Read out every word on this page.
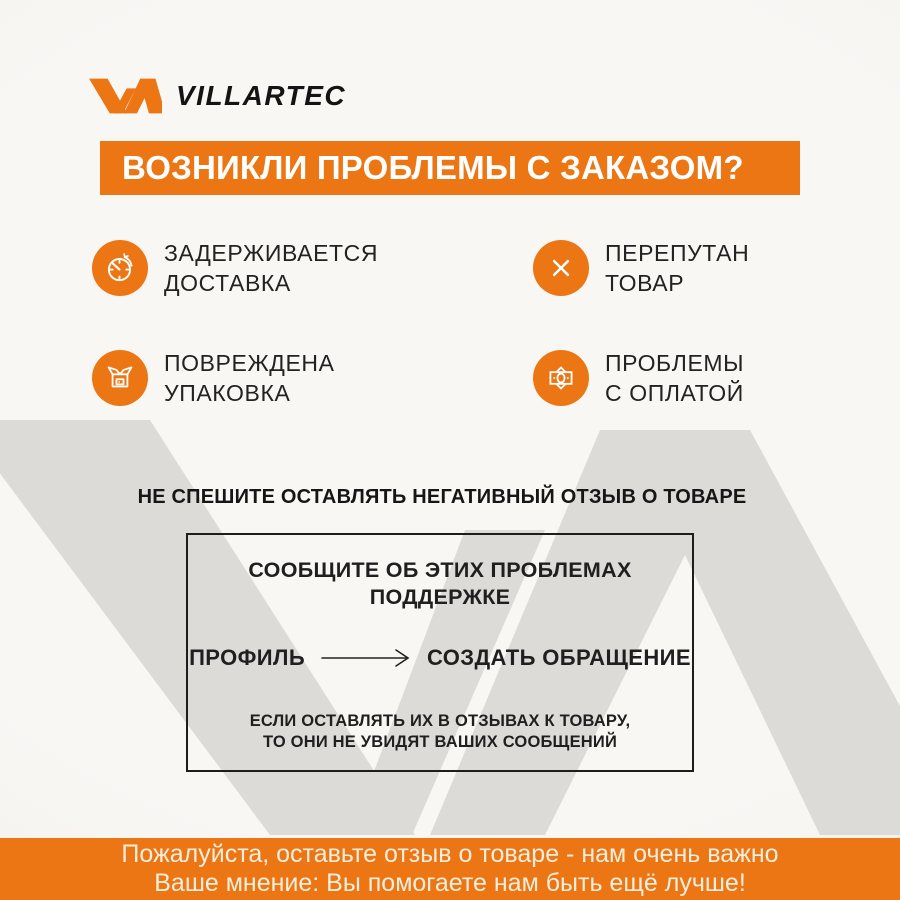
VILLARTEC
ВОЗНИКЛИ ПРОБЛЕМЫ С ЗАКАЗОМ?
ЗАДЕРЖИВАЕТСЯ
ДОСТАВКА
ПЕРЕПУТАН
ТОВАР
ПОВРЕЖДЕНА
УПАКОВКА
ПРОБЛЕМЫ
С ОПЛАТОЙ
НЕ СПЕШИТЕ ОСТАВЛЯТЬ НЕГАТИВНЫЙ ОТЗЫВ О ТОВАРЕ
СООБЩИТЕ ОБ ЭТИХ ПРОБЛЕМАХ
ПОДДЕРЖКЕ
ПРОФИЛЬ	СОЗДАТЬ ОБРАЩЕНИЕ
ЕСЛИ ОСТАВЛЯТЬ ИХ В ОТЗЫВАХ К ТОВАРУ,
ТО ОНИ НЕ УВИДЯТ ВАШИХ СООБЩЕНИЙ
Пожалуйста, оставьте отзыв о товаре - нам очень важно
Ваше мнение: Вы помогаете нам быть ещё лучше!
